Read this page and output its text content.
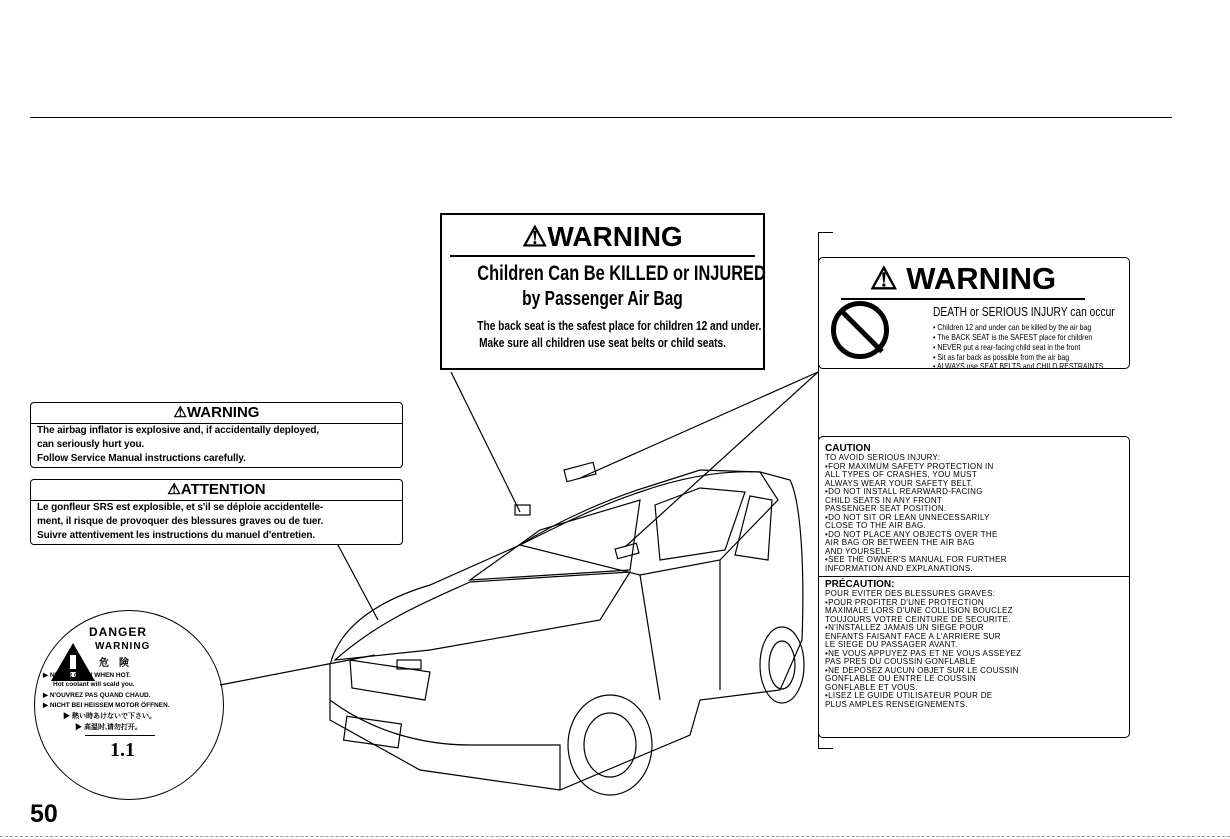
⚠WARNING
Children Can Be KILLED or INJURED
by Passenger Air Bag
The back seat is the safest place for children 12 and under.
Make sure all children use seat belts or child seats.
⚠WARNING
The airbag inflator is explosive and, if accidentally deployed,
can seriously hurt you.
Follow Service Manual instructions carefully.
⚠ATTENTION
Le gonfleur SRS est explosible, et s'il se déploie accidentelle-
ment, il risque de provoquer des blessures graves ou de tuer.
Suivre attentivement les instructions du manuel d'entretien.
DANGER
WARNING
危　険
▶ NEVER OPEN WHEN HOT.
Hot coolant will scald you.
▶ N'OUVREZ PAS QUAND CHAUD.
▶ NICHT BEI HEISSEM MOTOR ÖFFNEN.
▶ 熱い時あけないで下さい。
▶ 高温时,请勿打开。
1.1
⚠ WARNING
DEATH or SERIOUS INJURY can occur
• Children 12 and under can be killed by the air bag
• The BACK SEAT is the SAFEST place for children
• NEVER put a rear-facing child seat in the front
• Sit as far back as possible from the air bag
• ALWAYS use SEAT BELTS and CHILD RESTRAINTS
CAUTION
TO AVOID SERIOUS INJURY:
•FOR MAXIMUM SAFETY PROTECTION IN
ALL TYPES OF CRASHES, YOU MUST
ALWAYS WEAR YOUR SAFETY BELT.
•DO NOT INSTALL REARWARD-FACING
CHILD SEATS IN ANY FRONT
PASSENGER SEAT POSITION.
•DO NOT SIT OR LEAN UNNECESSARILY
CLOSE TO THE AIR BAG.
•DO NOT PLACE ANY OBJECTS OVER THE
AIR BAG OR BETWEEN THE AIR BAG
AND YOURSELF.
•SEE THE OWNER'S MANUAL FOR FURTHER
INFORMATION AND EXPLANATIONS.
PRÉCAUTION:
POUR EVITER DES BLESSURES GRAVES:
•POUR PROFITER D'UNE PROTECTION
MAXIMALE LORS D'UNE COLLISION BOUCLEZ
TOUJOURS VOTRE CEINTURE DE SECURITE.
•N'INSTALLEZ JAMAIS UN SIEGE POUR
ENFANTS FAISANT FACE A L'ARRIERE SUR
LE SIEGE DU PASSAGER AVANT.
•NE VOUS APPUYEZ PAS ET NE VOUS ASSEYEZ
PAS PRES DU COUSSIN GONFLABLE
•NE DEPOSEZ AUCUN OBJET SUR LE COUSSIN
GONFLABLE OU ENTRE LE COUSSIN
GONFLABLE ET VOUS.
•LISEZ LE GUIDE UTILISATEUR POUR DE
PLUS AMPLES RENSEIGNEMENTS.
50
